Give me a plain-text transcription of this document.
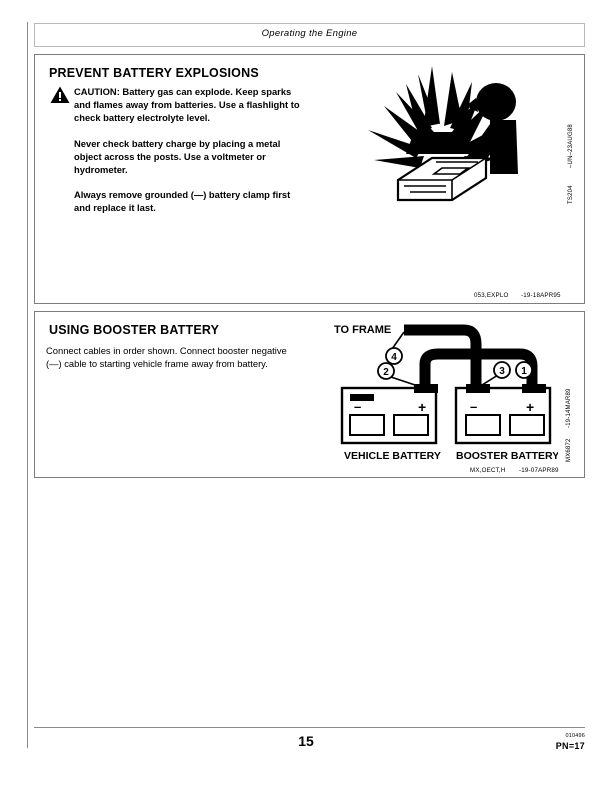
Operating the Engine
PREVENT BATTERY EXPLOSIONS

CAUTION: Battery gas can explode. Keep sparks and flames away from batteries. Use a flashlight to check battery electrolyte level.

Never check battery charge by placing a metal object across the posts. Use a voltmeter or hydrometer.

Always remove grounded (—) battery clamp first and replace it last.

053,EXPLO -19-18APR95
–UN–23AUG88
TS204
USING BOOSTER BATTERY

Connect cables in order shown. Connect booster negative (—) cable to starting vehicle frame away from battery.

TO FRAME
–	+	–	+
4
2	3 1
VEHICLE BATTERY BOOSTER BATTERY
MX,OECT,H -19-07APR89
-19-14MAR89
MX6872
15	010496
PN=17
